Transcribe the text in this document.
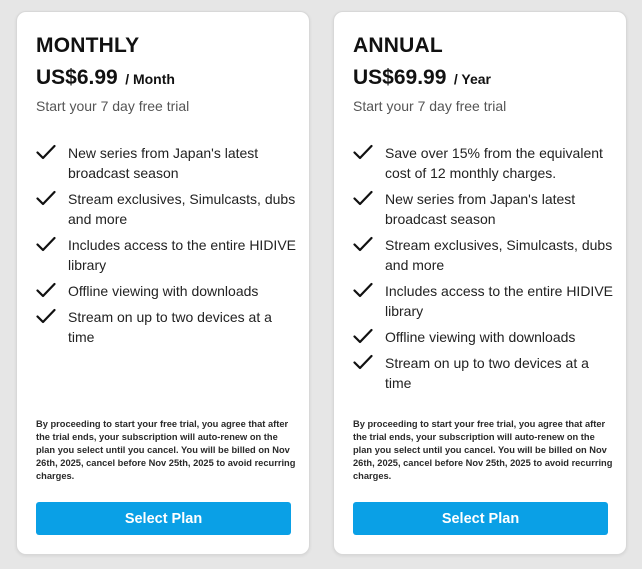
MONTHLY
US$6.99 / Month
Start your 7 day free trial
New series from Japan's latest broadcast season
Stream exclusives, Simulcasts, dubs and more
Includes access to the entire HIDIVE library
Offline viewing with downloads
Stream on up to two devices at a time
By proceeding to start your free trial, you agree that after the trial ends, your subscription will auto-renew on the plan you select until you cancel. You will be billed on Nov 26th, 2025, cancel before Nov 25th, 2025 to avoid recurring charges.
Select Plan
ANNUAL
US$69.99 / Year
Start your 7 day free trial
Save over 15% from the equivalent cost of 12 monthly charges.
New series from Japan's latest broadcast season
Stream exclusives, Simulcasts, dubs and more
Includes access to the entire HIDIVE library
Offline viewing with downloads
Stream on up to two devices at a time
By proceeding to start your free trial, you agree that after the trial ends, your subscription will auto-renew on the plan you select until you cancel. You will be billed on Nov 26th, 2025, cancel before Nov 25th, 2025 to avoid recurring charges.
Select Plan
